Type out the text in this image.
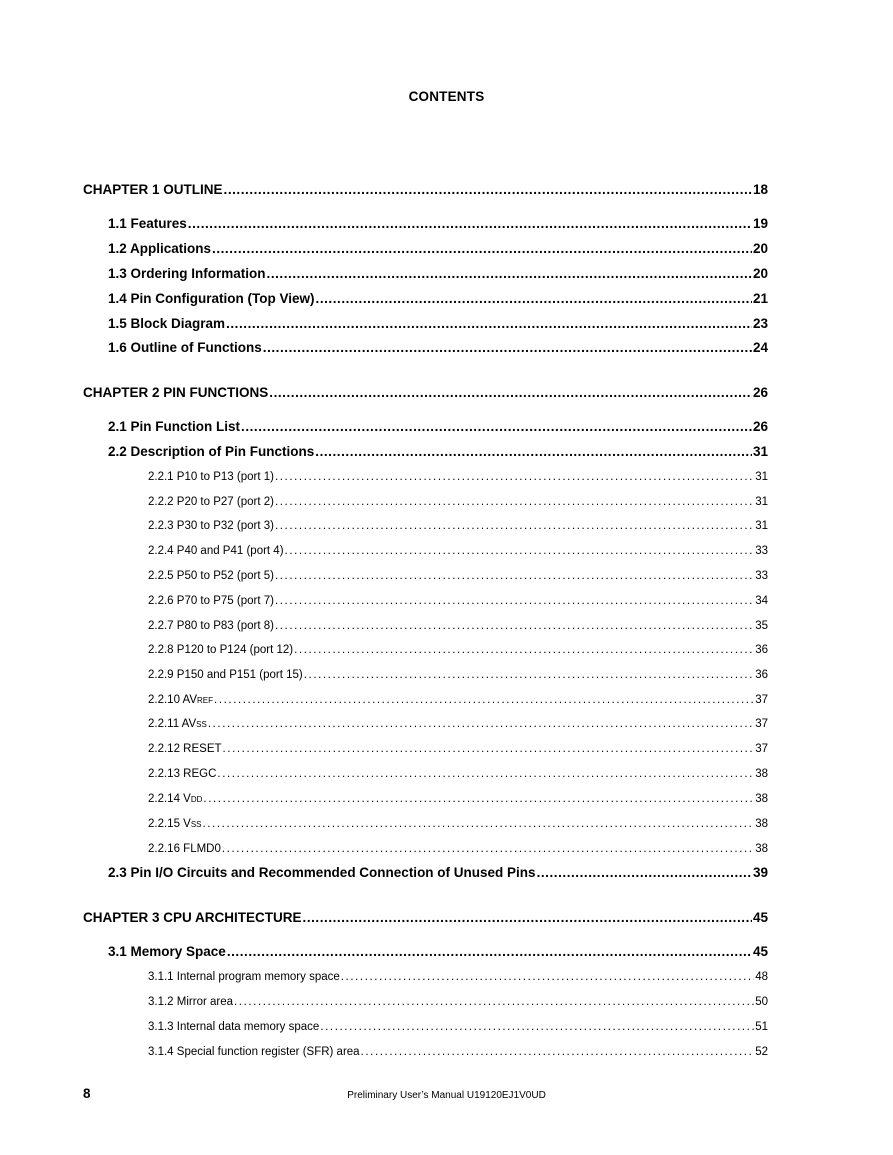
CONTENTS
CHAPTER 1 OUTLINE . . .	18
1.1 Features . . .	19
1.2 Applications . . .	20
1.3 Ordering Information . . .	20
1.4 Pin Configuration (Top View) . . .	21
1.5 Block Diagram . . .	23
1.6 Outline of Functions . . .	24
CHAPTER 2 PIN FUNCTIONS . . .	26
2.1 Pin Function List . . .	26
2.2 Description of Pin Functions . . .	31
2.2.1 P10 to P13 (port 1) . . .	31
2.2.2 P20 to P27 (port 2) . . .	31
2.2.3 P30 to P32 (port 3) . . .	31
2.2.4 P40 and P41 (port 4) . . .	33
2.2.5 P50 to P52 (port 5) . . .	33
2.2.6 P70 to P75 (port 7) . . .	34
2.2.7 P80 to P83 (port 8) . . .	35
2.2.8 P120 to P124 (port 12) . . .	36
2.2.9 P150 and P151 (port 15) . . .	36
2.2.10 AVREF . . .	37
2.2.11 AVSS . . .	37
2.2.12 RESET . . .	37
2.2.13 REGC . . .	38
2.2.14 VDD . . .	38
2.2.15 VSS . . .	38
2.2.16 FLMD0 . . .	38
2.3 Pin I/O Circuits and Recommended Connection of Unused Pins . . .	39
CHAPTER 3 CPU ARCHITECTURE . . .	45
3.1 Memory Space . . .	45
3.1.1 Internal program memory space . . .	48
3.1.2 Mirror area . . .	50
3.1.3 Internal data memory space . . .	51
3.1.4 Special function register (SFR) area . . .	52
8	Preliminary User’s Manual U19120EJ1V0UD
